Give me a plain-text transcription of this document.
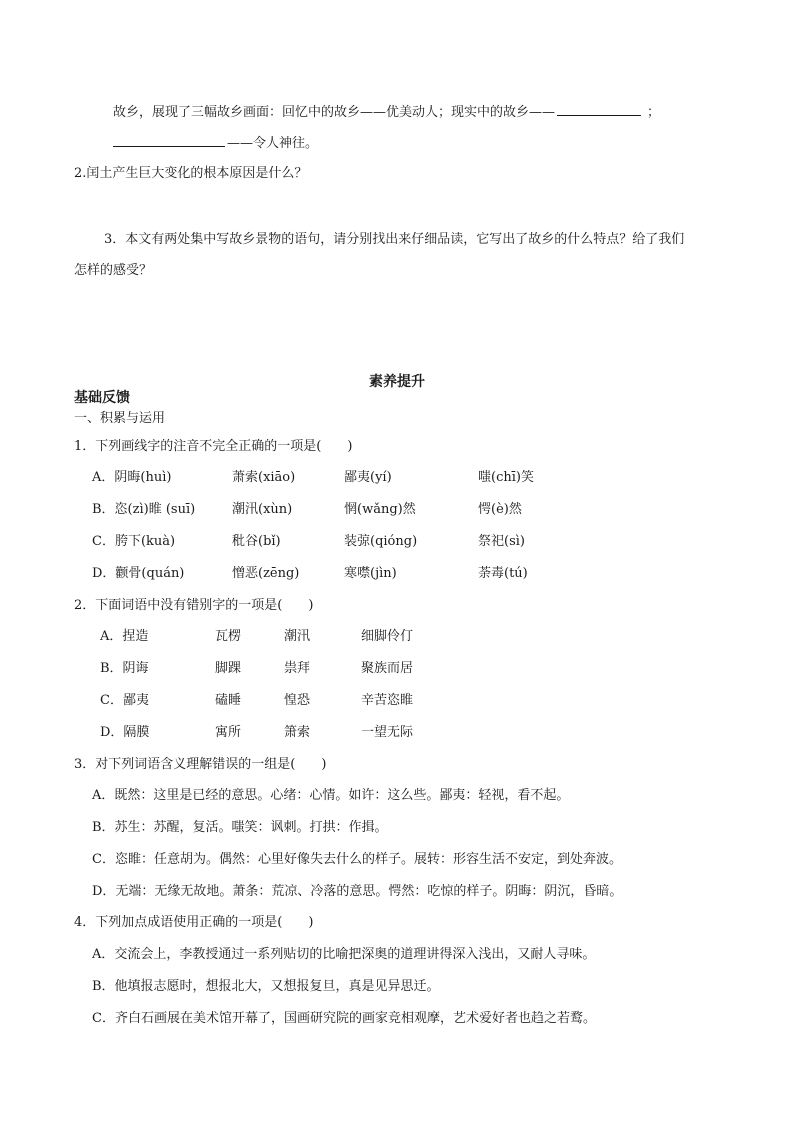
故乡，展现了三幅故乡画面：回忆中的故乡——优美动人；现实中的故乡——	；
——令人神往。
2.闰土产生巨大变化的根本原因是什么？
3．本文有两处集中写故乡景物的语句，请分别找出来仔细品读，它写出了故乡的什么特点？给了我们
怎样的感受？
素养提升
基础反馈
一、积累与运用
1．下列画线字的注音不完全正确的一项是(　　)
A．阴晦(huì)	萧索(xiāo)	鄙夷(yí)	嗤(chī)笑
B．恣(zì)睢 (suī)	潮汛(xùn)	惘(wǎng)然	愕(è)然
C．胯下(kuà)	秕谷(bǐ)	装弶(qióng)	祭祀(sì)
D．颧骨(quán)	憎恶(zēng)	寒噤(jìn)	荼毒(tú)
2．下面词语中没有错别字的一项是(　　)
A．捏造	瓦楞	潮汛	细脚伶仃
B．阴诲	脚踝	祟拜	聚族而居
C．鄙夷	磕睡	惶恐	辛苦恣睢
D．隔膜	寓所	箫索	一望无际
3．对下列词语含义理解错误的一组是(　　)
A．既然：这里是已经的意思。心绪：心情。如许：这么些。鄙夷：轻视，看不起。
B．苏生：苏醒，复活。嗤笑：讽刺。打拱：作揖。
C．恣睢：任意胡为。偶然：心里好像失去什么的样子。展转：形容生活不安定，到处奔波。
D．无端：无缘无故地。萧条：荒凉、冷落的意思。愕然：吃惊的样子。阴晦：阴沉，昏暗。
4．下列加点成语使用正确的一项是(　　)
A．交流会上，李教授通过一系列贴切的比喻把深奥的道理讲得深入浅出，又耐人寻味。
B．他填报志愿时，想报北大，又想报复旦，真是见异思迁。
C．齐白石画展在美术馆开幕了，国画研究院的画家竞相观摩，艺术爱好者也趋之若鹜。
